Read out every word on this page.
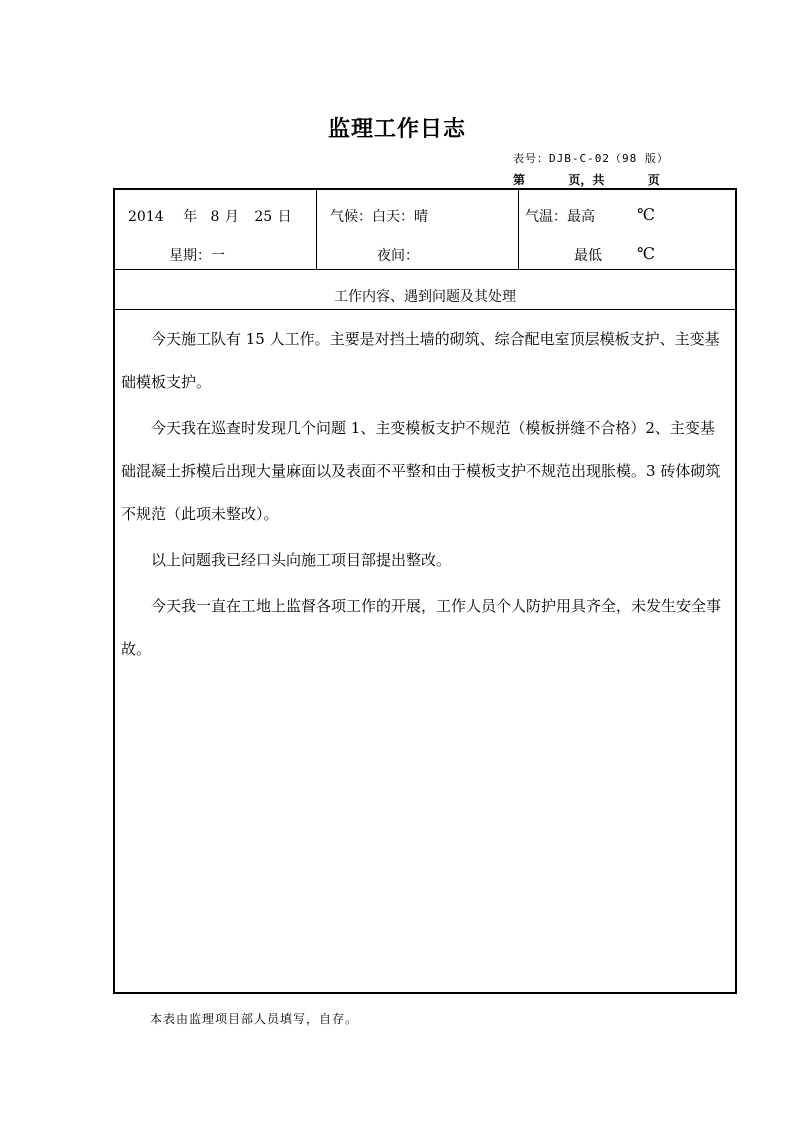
监理工作日志
表号：DJB-C-02（98 版）
第      页，共      页
2014 年 8 月 25 日
星期：一
气候：白天：晴
夜间：
气温：最高	℃
最低 ℃
工作内容、遇到问题及其处理

今天施工队有 15 人工作。主要是对挡土墙的砌筑、综合配电室顶层模板支护、主变基础模板支护。

今天我在巡查时发现几个问题 1、主变模板支护不规范（模板拼缝不合格）2、主变基础混凝土拆模后出现大量麻面以及表面不平整和由于模板支护不规范出现胀模。3 砖体砌筑不规范（此项未整改）。

以上问题我已经口头向施工项目部提出整改。

今天我一直在工地上监督各项工作的开展，工作人员个人防护用具齐全，未发生安全事故。

本表由监理项目部人员填写，自存。
